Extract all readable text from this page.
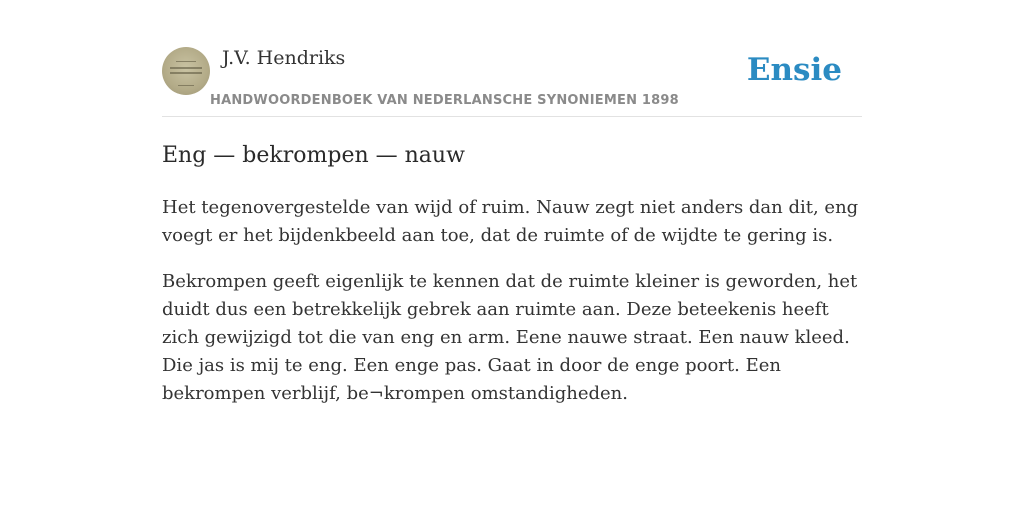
J.V. Hendriks
HANDWOORDENBOEK VAN NEDERLANSCHE SYNONIEMEN 1898
Ensie
Eng — bekrompen — nauw

Het tegenovergestelde van wijd of ruim. Nauw zegt niet anders dan dit, eng voegt er het bijdenkbeeld aan toe, dat de ruimte of de wijdte te gering is.

Bekrompen geeft eigenlijk te kennen dat de ruimte kleiner is geworden, het duidt dus een betrekkelijk gebrek aan ruimte aan. Deze beteekenis heeft zich gewijzigd tot die van eng en arm. Eene nauwe straat. Een nauw kleed. Die jas is mij te eng. Een enge pas. Gaat in door de enge poort. Een bekrompen verblijf, be¬krompen omstandigheden.
